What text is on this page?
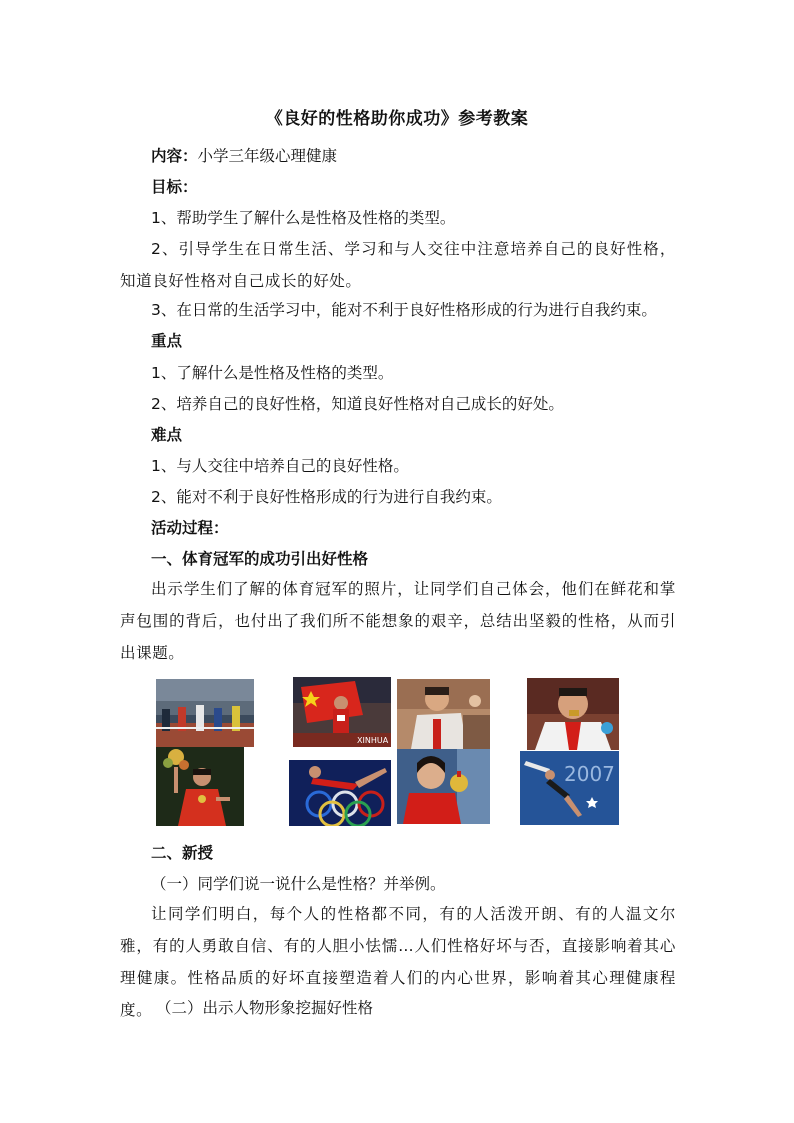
《良好的性格助你成功》参考教案
内容：小学三年级心理健康
目标：
1、帮助学生了解什么是性格及性格的类型。
2、引导学生在日常生活、学习和与人交往中注意培养自己的良好性格，知道良好性格对自己成长的好处。
3、在日常的生活学习中，能对不利于良好性格形成的行为进行自我约束。
重点
1、了解什么是性格及性格的类型。
2、培养自己的良好性格，知道良好性格对自己成长的好处。
难点
1、与人交往中培养自己的良好性格。
2、能对不利于良好性格形成的行为进行自我约束。
活动过程：
一、体育冠军的成功引出好性格
出示学生们了解的体育冠军的照片，让同学们自己体会，他们在鲜花和掌声包围的背后，也付出了我们所不能想象的艰辛，总结出坚毅的性格，从而引出课题。
XINHUA
2007
二、新授
（一）同学们说一说什么是性格？并举例。
让同学们明白，每个人的性格都不同，有的人活泼开朗、有的人温文尔雅，有的人勇敢自信、有的人胆小怯懦…人们性格好坏与否，直接影响着其心理健康。性格品质的好坏直接塑造着人们的内心世界，影响着其心理健康程度。 （二）出示人物形象挖掘好性格
